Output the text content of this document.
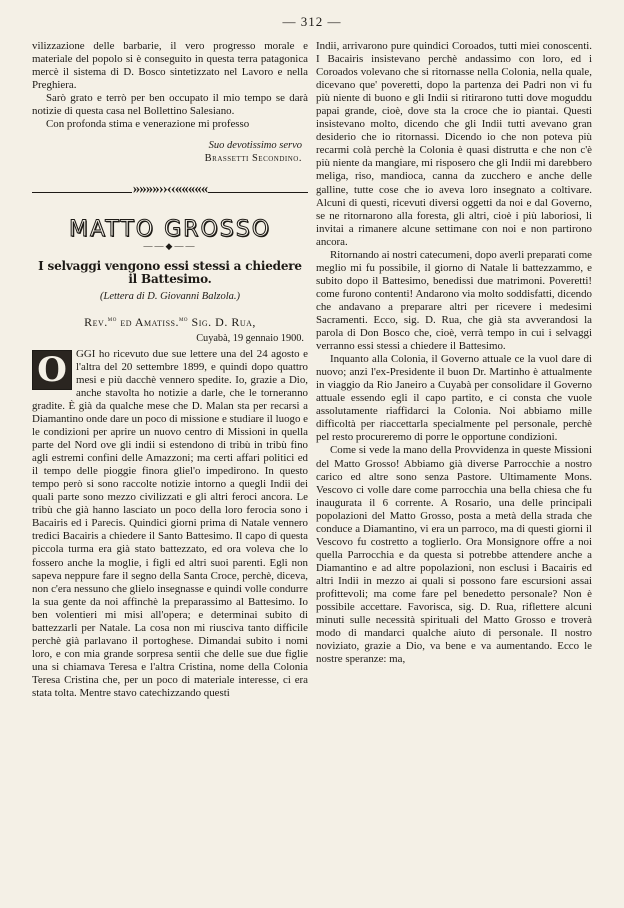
— 312 —

vilizzazione delle barbarie, il vero progresso morale e materiale del popolo si è conseguito in questa terra patagonica mercè il sistema di D. Bosco sintetizzato nel Lavoro e nella Preghiera.

Sarò grato e terrò per ben occupato il mio tempo se darà notizie di questa casa nel Bollettino Salesiano.

Con profonda stima e venerazione mi professo

Suo devotissimo servo
Brassetti Secondino.
»»»»››‹‹«««««
MATTO GROSSO
——◆——
I selvaggi vengono essi stessi a chiedere il Battesimo.
(Lettera di D. Giovanni Balzola.)
Rev.$^{mo}$ ed Amatiss.$^{mo}$ Sig. D. Rua,
Cuyabà, 19 gennaio 1900.

O GGI ho ricevuto due sue lettere una del 24 agosto e l'altra del 20 settembre 1899, e quindi dopo quattro mesi e più dacchè vennero spedite. Io, grazie a Dio, anche stavolta ho notizie a darle, che le torneranno gradite. È già da qualche mese che D. Malan sta per recarsi a Diamantino onde dare un poco di missione e studiare il luogo e le condizioni per aprire un nuovo centro di Missioni in quella parte del Nord ove gli indii si estendono di tribù in tribù fino agli estremi confini delle Amazzoni; ma certi affari politici ed il tempo delle pioggie finora gliel'o impedirono. In questo tempo però si sono raccolte notizie intorno a quegli Indii dei quali parte sono mezzo civilizzati e gli altri feroci ancora. Le tribù che già hanno lasciato un poco della loro ferocia sono i Bacairis ed i Parecis. Quindici giorni prima di Natale vennero tredici Bacairis a chiedere il Santo Battesimo. Il capo di questa piccola turma era già stato battezzato, ed ora voleva che lo fossero anche la moglie, i figli ed altri suoi parenti. Egli non sapeva neppure fare il segno della Santa Croce, perchè, diceva, non c'era nessuno che glielo insegnasse e quindi volle condurre la sua gente da noi affinchè la preparassimo al Battesimo. Io ben volentieri mi misi all'opera; e determinai subito di battezzarli per Natale. La cosa non mi riusciva tanto difficile perchè già parlavano il portoghese. Dimandai subito i nomi loro, e con mia grande sorpresa sentii che delle sue due figlie una si chiamava Teresa e l'altra Cristina, nome della Colonia Teresa Cristina che, per un poco di materiale interesse, ci era stata tolta. Mentre stavo catechizzando questi

Indii, arrivarono pure quindici Coroados, tutti miei conoscenti. I Bacairis insistevano perchè andassimo con loro, ed i Coroados volevano che si ritornasse nella Colonia, nella quale, dicevano que' poveretti, dopo la partenza dei Padri non vi fu più niente di buono e gli Indii si ritirarono tutti dove moguddu papai grande, cioè, dove sta la croce che io piantai. Questi insistevano molto, dicendo che gli Indii tutti avevano gran desiderio che io ritornassi. Dicendo io che non poteva più recarmi colà perchè la Colonia è quasi distrutta e che non c'è più niente da mangiare, mi risposero che gli Indii mi darebbero meliga, riso, mandioca, canna da zucchero e anche delle galline, tutte cose che io aveva loro insegnato a coltivare. Alcuni di questi, ricevuti diversi oggetti da noi e dal Governo, se ne ritornarono alla foresta, gli altri, cioè i più laboriosi, li invitai a rimanere alcune settimane con noi e non partirono ancora.

Ritornando ai nostri catecumeni, dopo averli preparati come meglio mi fu possibile, il giorno di Natale li battezzammo, e subito dopo il Battesimo, benedissi due matrimoni. Poveretti! come furono contenti! Andarono via molto soddisfatti, dicendo che andavano a preparare altri per ricevere i medesimi Sacramenti. Ecco, sig. D. Rua, che già sta avverandosi la parola di Don Bosco che, cioè, verrà tempo in cui i selvaggi verranno essi stessi a chiedere il Battesimo.

Inquanto alla Colonia, il Governo attuale ce la vuol dare di nuovo; anzi l'ex-Presidente il buon Dr. Martinho è attualmente in viaggio da Rio Janeiro a Cuyabà per consolidare il Governo attuale essendo egli il capo partito, e ci consta che vuole assolutamente riaffidarci la Colonia. Noi abbiamo mille difficoltà per riaccettarla specialmente pel personale, perchè pel resto procureremo di porre le opportune condizioni.

Come si vede la mano della Provvidenza in queste Missioni del Matto Grosso! Abbiamo già diverse Parrocchie a nostro carico ed altre sono senza Pastore. Ultimamente Mons. Vescovo ci volle dare come parrocchia una bella chiesa che fu inaugurata il 6 corrente. A Rosario, una delle principali popolazioni del Matto Grosso, posta a metà della strada che conduce a Diamantino, vi era un parroco, ma di questi giorni il Vescovo fu costretto a toglierlo. Ora Monsignore offre a noi quella Parrocchia e da questa si potrebbe attendere anche a Diamantino e ad altre popolazioni, non esclusi i Bacairis ed altri Indii in mezzo ai quali si possono fare escursioni assai profittevoli; ma come fare pel benedetto personale? Non è possibile accettare. Favorisca, sig. D. Rua, riflettere alcuni minuti sulle necessità spirituali del Matto Grosso e troverà modo di mandarci qualche aiuto di personale. Il nostro noviziato, grazie a Dio, va bene e va aumentando. Ecco le nostre speranze: ma,
